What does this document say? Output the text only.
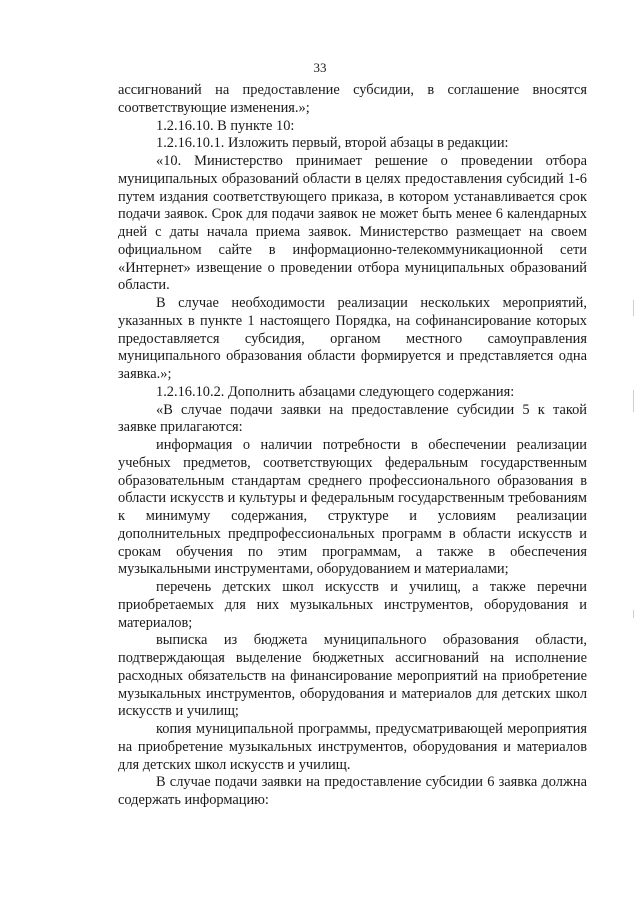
33

ассигнований на предоставление субсидии, в соглашение вносятся соответствующие изменения.»;

1.2.16.10. В пункте 10:

1.2.16.10.1. Изложить первый, второй абзацы в редакции:

«10. Министерство принимает решение о проведении отбора муниципальных образований области в целях предоставления субсидий 1-6 путем издания соответствующего приказа, в котором устанавливается срок подачи заявок. Срок для подачи заявок не может быть менее 6 календарных дней с даты начала приема заявок. Министерство размещает на своем официальном сайте в информационно-телекоммуникационной сети «Интернет» извещение о проведении отбора муниципальных образований области.

В случае необходимости реализации нескольких мероприятий, указанных в пункте 1 настоящего Порядка, на софинансирование которых предоставляется субсидия, органом местного самоуправления муниципального образования области формируется и представляется одна заявка.»;

1.2.16.10.2. Дополнить абзацами следующего содержания:

«В случае подачи заявки на предоставление субсидии 5 к такой заявке прилагаются:

информация о наличии потребности в обеспечении реализации учебных предметов, соответствующих федеральным государственным образовательным стандартам среднего профессионального образования в области искусств и культуры и федеральным государственным требованиям к минимуму содержания, структуре и условиям реализации дополнительных предпрофессиональных программ в области искусств и срокам обучения по этим программам, а также в обеспечения музыкальными инструментами, оборудованием и материалами;

перечень детских школ искусств и училищ, а также перечни приобретаемых для них музыкальных инструментов, оборудования и материалов;

выписка из бюджета муниципального образования области, подтверждающая выделение бюджетных ассигнований на исполнение расходных обязательств на финансирование мероприятий на приобретение музыкальных инструментов, оборудования и материалов для детских школ искусств и училищ;

копия муниципальной программы, предусматривающей мероприятия на приобретение музыкальных инструментов, оборудования и материалов для детских школ искусств и училищ.

В случае подачи заявки на предоставление субсидии 6 заявка должна содержать информацию:
